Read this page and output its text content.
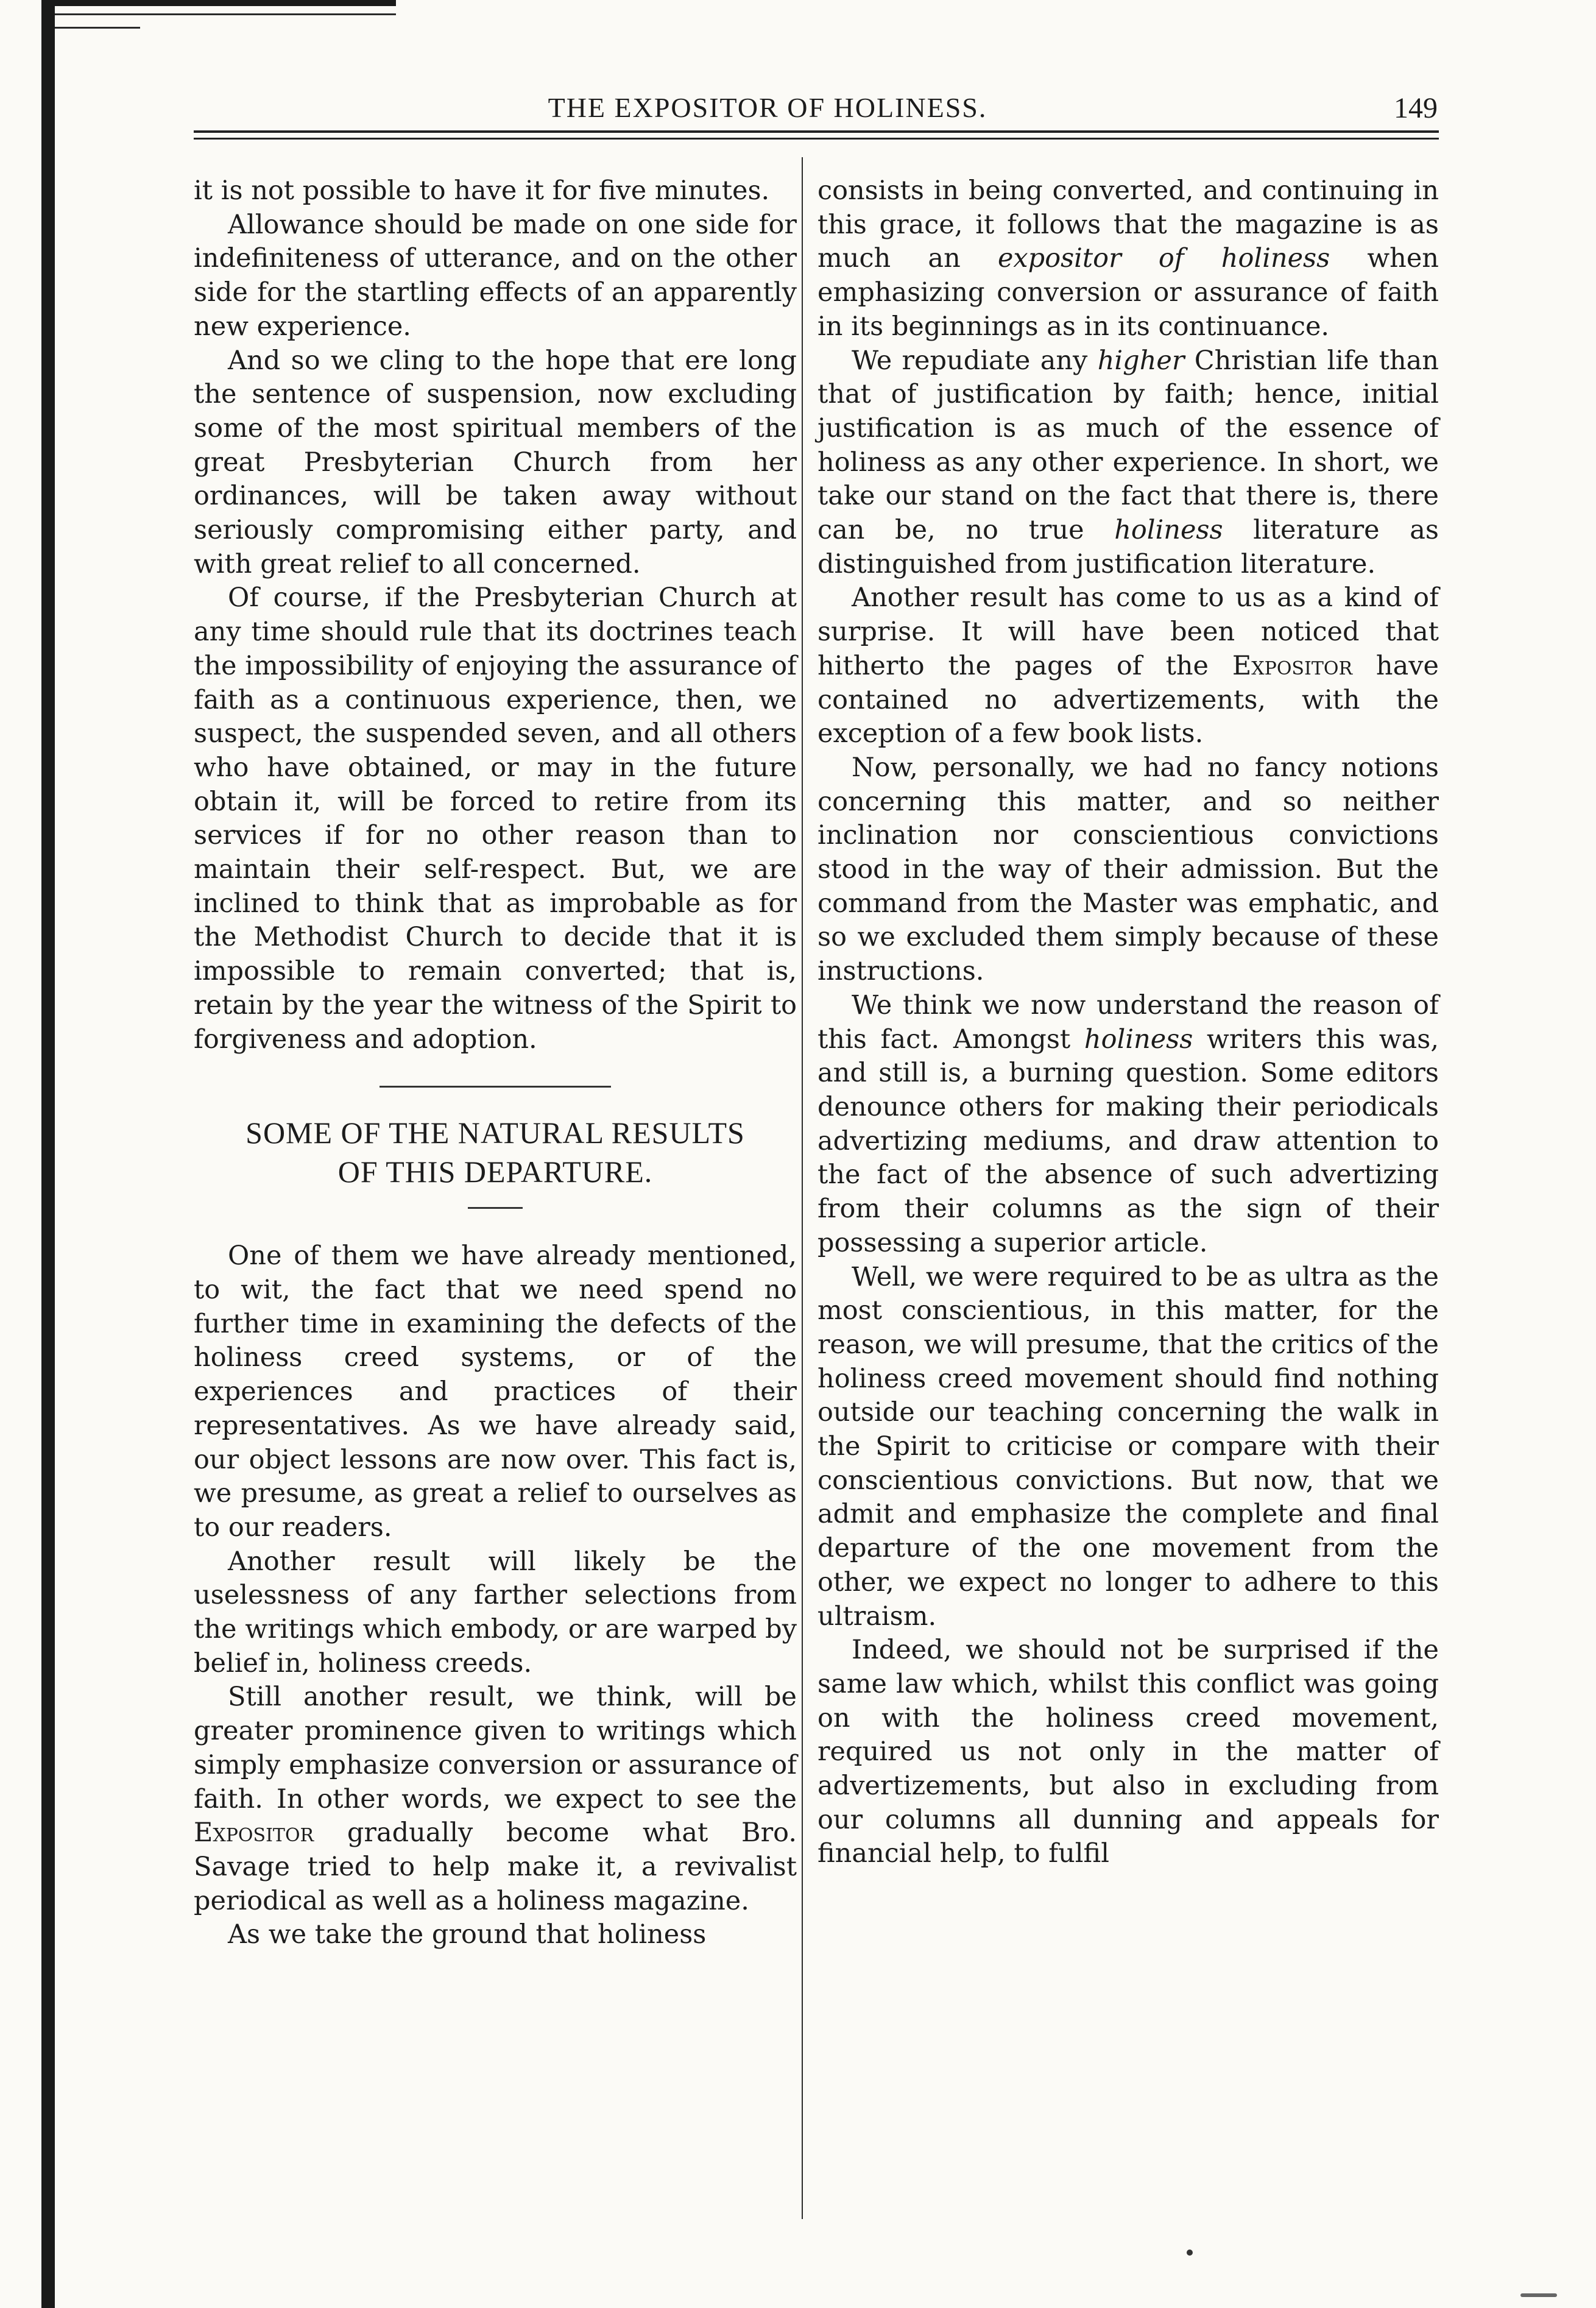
THE EXPOSITOR OF HOLINESS.	149

it is not possible to have it for five minutes.

Allowance should be made on one side for indefiniteness of utterance, and on the other side for the startling effects of an apparently new experience.

And so we cling to the hope that ere long the sentence of suspension, now excluding some of the most spiritual members of the great Presbyterian Church from her ordinances, will be taken away without seriously compromising either party, and with great relief to all concerned.

Of course, if the Presbyterian Church at any time should rule that its doctrines teach the impossibility of enjoying the assurance of faith as a continuous experience, then, we suspect, the suspended seven, and all others who have obtained, or may in the future obtain it, will be forced to retire from its services if for no other reason than to maintain their self-respect. But, we are inclined to think that as improbable as for the Methodist Church to decide that it is impossible to remain converted; that is, retain by the year the witness of the Spirit to forgiveness and adoption.

SOME OF THE NATURAL RESULTS
OF THIS DEPARTURE.

One of them we have already mentioned, to wit, the fact that we need spend no further time in examining the defects of the holiness creed systems, or of the experiences and practices of their representatives. As we have already said, our object lessons are now over. This fact is, we presume, as great a relief to ourselves as to our readers.

Another result will likely be the uselessness of any farther selections from the writings which embody, or are warped by belief in, holiness creeds.

Still another result, we think, will be greater prominence given to writings which simply emphasize conversion or assurance of faith. In other words, we expect to see the Expositor gradually become what Bro. Savage tried to help make it, a revivalist periodical as well as a holiness magazine.

As we take the ground that holiness

consists in being converted, and continuing in this grace, it follows that the magazine is as much an expositor of holiness when emphasizing conversion or assurance of faith in its beginnings as in its continuance.

We repudiate any higher Christian life than that of justification by faith; hence, initial justification is as much of the essence of holiness as any other experience. In short, we take our stand on the fact that there is, there can be, no true holiness literature as distinguished from justification literature.

Another result has come to us as a kind of surprise. It will have been noticed that hitherto the pages of the Expositor have contained no advertizements, with the exception of a few book lists.

Now, personally, we had no fancy notions concerning this matter, and so neither inclination nor conscientious convictions stood in the way of their admission. But the command from the Master was emphatic, and so we excluded them simply because of these instructions.

We think we now understand the reason of this fact. Amongst holiness writers this was, and still is, a burning question. Some editors denounce others for making their periodicals advertizing mediums, and draw attention to the fact of the absence of such advertizing from their columns as the sign of their possessing a superior article.

Well, we were required to be as ultra as the most conscientious, in this matter, for the reason, we will presume, that the critics of the holiness creed movement should find nothing outside our teaching concerning the walk in the Spirit to criticise or compare with their conscientious convictions. But now, that we admit and emphasize the complete and final departure of the one movement from the other, we expect no longer to adhere to this ultraism.

Indeed, we should not be surprised if the same law which, whilst this conflict was going on with the holiness creed movement, required us not only in the matter of advertizements, but also in excluding from our columns all dunning and appeals for financial help, to fulfil
